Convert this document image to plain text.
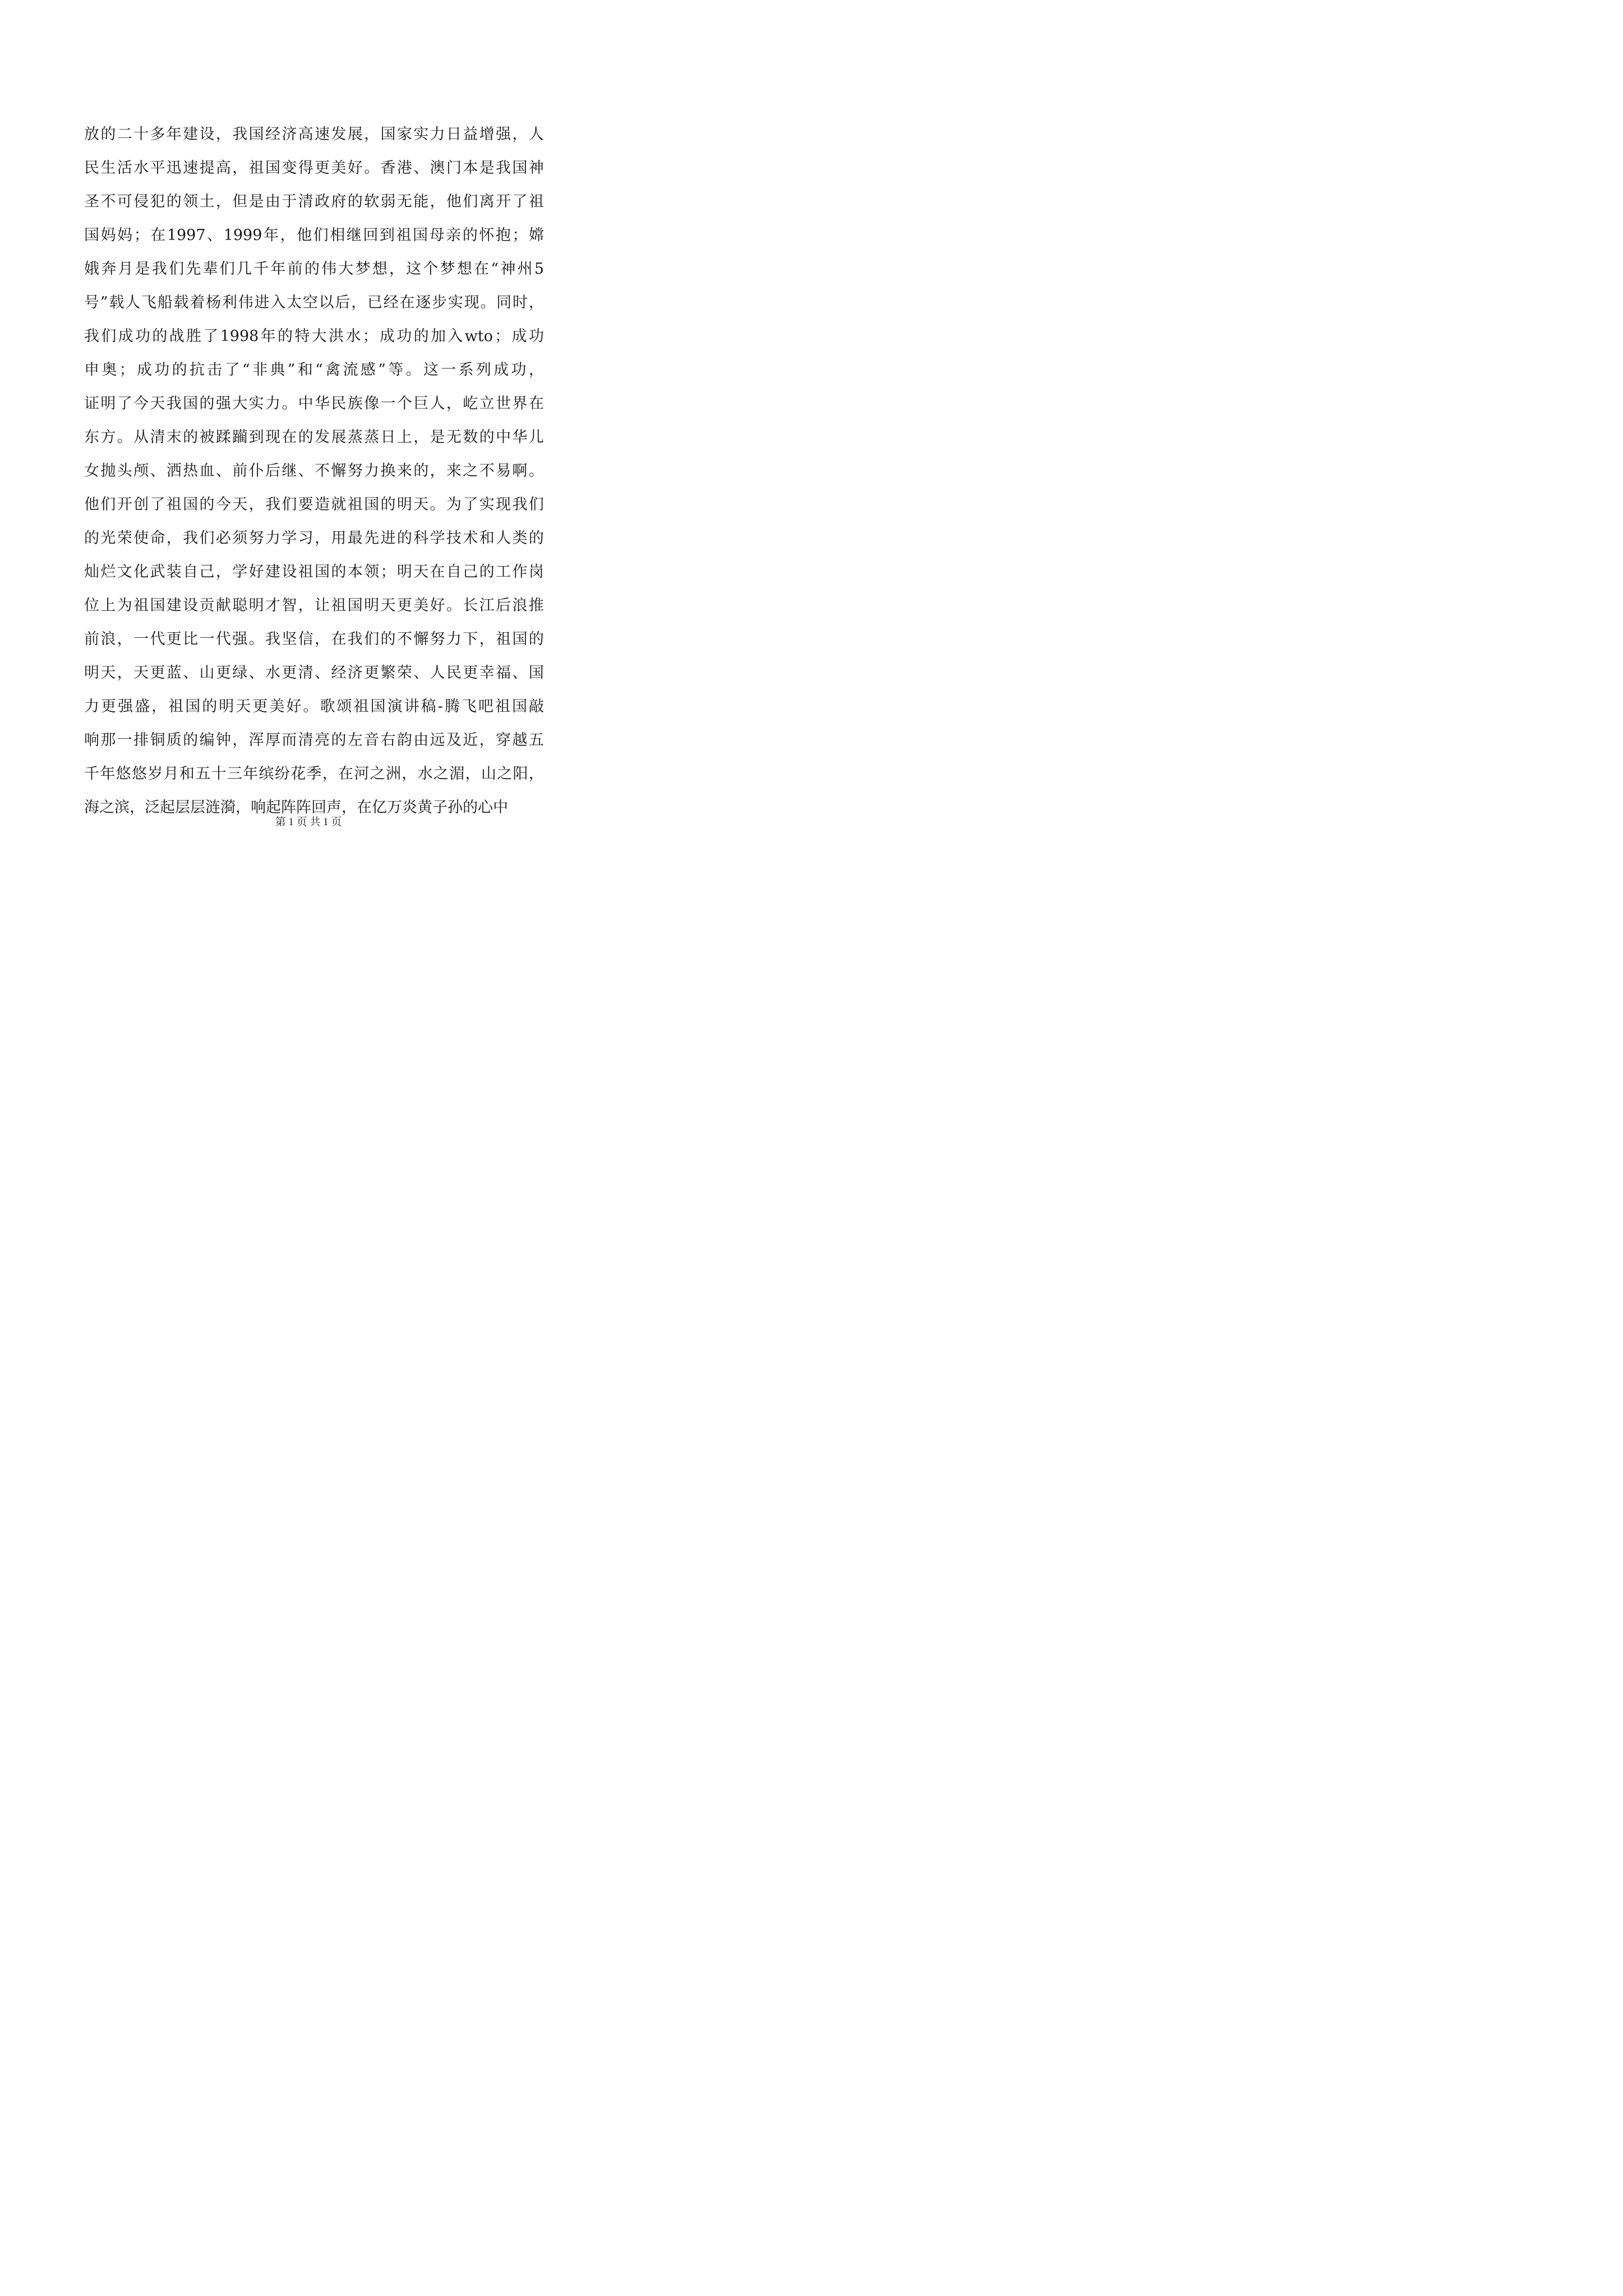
放 的 二 十 多 年 建 设 ， 我 国 经 济 高 速 发 展 ， 国 家 实 力 日 益 增 强 ， 人
民 生 活 水 平 迅 速 提 高 ， 祖 国 变 得 更 美 好 。 香 港 、 澳 门 本 是 我 国 神
圣 不 可 侵 犯 的 领 土 ， 但 是 由 于 清 政 府 的 软 弱 无 能 ， 他 们 离 开 了 祖
国 妈 妈 ； 在 1997 、 1999 年 ， 他 们 相 继 回 到 祖 国 母 亲 的 怀 抱 ； 嫦
娥 奔 月 是 我 们 先 辈 们 几 千 年 前 的 伟 大 梦 想 ， 这 个 梦 想 在 “ 神 州 5
号 ” 载 人 飞 船 载 着 杨 利 伟 进 入 太 空 以 后 ， 已 经 在 逐 步 实 现 。 同 时 ，
我 们 成 功 的 战 胜 了 1998 年 的 特 大 洪 水 ； 成 功 的 加 入 wto ； 成 功
申 奥 ； 成 功 的 抗 击 了 “ 非 典 ” 和 “ 禽 流 感 ” 等 。 这 一 系 列 成 功 ，
证 明 了 今 天 我 国 的 强 大 实 力 。 中 华 民 族 像 一 个 巨 人 ， 屹 立 世 界 在
东 方 。 从 清 末 的 被 蹂 躏 到 现 在 的 发 展 蒸 蒸 日 上 ， 是 无 数 的 中 华 儿
女 抛 头 颅 、 洒 热 血 、 前 仆 后 继 、 不 懈 努 力 换 来 的 ， 来 之 不 易 啊 。
他 们 开 创 了 祖 国 的 今 天 ， 我 们 要 造 就 祖 国 的 明 天 。 为 了 实 现 我 们
的 光 荣 使 命 ， 我 们 必 须 努 力 学 习 ， 用 最 先 进 的 科 学 技 术 和 人 类 的
灿 烂 文 化 武 装 自 己 ， 学 好 建 设 祖 国 的 本 领 ； 明 天 在 自 己 的 工 作 岗
位 上 为 祖 国 建 设 贡 献 聪 明 才 智 ， 让 祖 国 明 天 更 美 好 。 长 江 后 浪 推
前 浪 ， 一 代 更 比 一 代 强 。 我 坚 信 ， 在 我 们 的 不 懈 努 力 下 ， 祖 国 的
明 天 ， 天 更 蓝 、 山 更 绿 、 水 更 清 、 经 济 更 繁 荣 、 人 民 更 幸 福 、 国
力 更 强 盛 ， 祖 国 的 明 天 更 美 好 。 歌 颂 祖 国 演 讲 稿 - 腾 飞 吧 祖 国 敲
响 那 一 排 铜 质 的 编 钟 ， 浑 厚 而 清 亮 的 左 音 右 韵 由 远 及 近 ， 穿 越 五
千 年 悠 悠 岁 月 和 五 十 三 年 缤 纷 花 季 ， 在 河 之 洲 ， 水 之 湄 ， 山 之 阳 ，
海之滨，泛起层层涟漪，响起阵阵回声，在亿万炎黄子孙的心中
第 1 页 共 1 页
